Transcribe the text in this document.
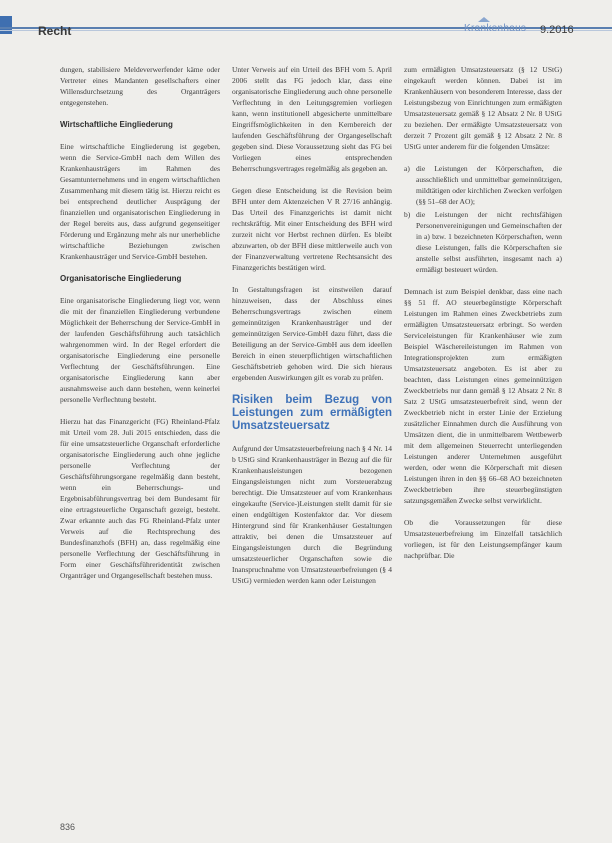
Recht	Krankenhaus 9.2016

dungen, stabilisiere Meldeverwerfender käme oder Vertreter eines Mandanten gesellschafters einer Willensdurchsetzung des Organträgers entgegenstehen.

Wirtschaftliche Eingliederung

Eine wirtschaftliche Eingliederung ist gegeben, wenn die Service-GmbH nach dem Willen des Krankenhausträgers im Rahmen des Gesamtunternehmens und in engem wirtschaftlichen Zusammenhang mit diesem tätig ist. Hierzu reicht es bei entsprechend deutlicher Ausprägung der finanziellen und organisatorischen Eingliederung in der Regel bereits aus, dass aufgrund gegenseitiger Förderung und Ergänzung mehr als nur unerhebliche wirtschaftliche Beziehungen zwischen Krankenhausträger und Service-GmbH bestehen.

Organisatorische Eingliederung

Eine organisatorische Eingliederung liegt vor, wenn die mit der finanziellen Eingliederung verbundene Möglichkeit der Beherrschung der Service-GmbH in der laufenden Geschäftsführung auch tatsächlich wahrgenommen wird. In der Regel erfordert die organisatorische Eingliederung eine personelle Verflechtung der Geschäftsführungen. Eine organisatorische Eingliederung kann aber ausnahmsweise auch dann bestehen, wenn keinerlei personelle Verflechtung besteht.

Hierzu hat das Finanzgericht (FG) Rheinland-Pfalz mit Urteil vom 28. Juli 2015 entschieden, dass die für eine umsatzsteuerliche Organschaft erforderliche organisatorische Eingliederung auch ohne jegliche personelle Verflechtung der Geschäftsführungsorgane regelmäßig dann besteht, wenn ein Beherrschungs- und Ergebnisabführungsvertrag bei dem Bundesamt für eine ertragsteuerliche Organschaft gezeigt, besteht. Zwar erkannte auch das FG Rheinland-Pfalz unter Verweis auf die Rechtsprechung des Bundesfinanzhofs (BFH) an, dass regelmäßig eine personelle Verflechtung der Geschäftsführung in Form einer Geschäftsführeridentität zwischen Organträger und Organgesellschaft bestehen muss.

Unter Verweis auf ein Urteil des BFH vom 5. April 2006 stellt das FG jedoch klar, dass eine organisatorische Eingliederung auch ohne personelle Verflechtung in den Leitungsgremien vorliegen kann, wenn institutionell abgesicherte unmittelbare Eingriffsmöglichkeiten in den Kernbereich der laufenden Geschäftsführung der Organgesellschaft gegeben sind. Diese Voraussetzung sieht das FG bei Vorliegen eines entsprechenden Beherrschungsvertrages regelmäßig als gegeben an.

Gegen diese Entscheidung ist die Revision beim BFH unter dem Aktenzeichen V R 27/16 anhängig. Das Urteil des Finanzgerichts ist damit nicht rechtskräftig. Mit einer Entscheidung des BFH wird zurzeit nicht vor Herbst rechnen dürfen. Es bleibt abzuwarten, ob der BFH diese mittlerweile auch von der Finanzverwaltung vertretene Rechtsansicht des Finanzgerichts bestätigen wird.

In Gestaltungsfragen ist einstweilen darauf hinzuweisen, dass der Abschluss eines Beherrschungsvertrags zwischen einem gemeinnützigen Krankenhausträger und der gemeinnützigen Service-GmbH dazu führt, dass die Beteiligung an der Service-GmbH aus dem ideellen Bereich in einen steuerpflichtigen wirtschaftlichen Geschäftsbetrieb gehoben wird. Die sich hieraus ergebenden Auswirkungen gilt es vorab zu prüfen.

Risiken beim Bezug von Leistungen zum ermäßigten Umsatzsteuersatz

Aufgrund der Umsatzsteuerbefreiung nach § 4 Nr. 14 b UStG sind Krankenhausträger in Bezug auf die für Krankenhausleistungen bezogenen Eingangsleistungen nicht zum Vorsteuerabzug berechtigt. Die Umsatzsteuer auf vom Krankenhaus eingekaufte (Service-)Leistungen stellt damit für sie einen endgültigen Kostenfaktor dar. Vor diesem Hintergrund sind für Krankenhäuser Gestaltungen attraktiv, bei denen die Umsatzsteuer auf Eingangsleistungen durch die Begründung umsatzsteuerlicher Organschaften sowie die Inanspruchnahme von Umsatzsteuerbefreiungen (§ 4 UStG) vermieden werden kann oder Leistungen

zum ermäßigten Umsatzsteuersatz (§ 12 UStG) eingekauft werden können. Dabei ist im Krankenhäusern von besonderem Interesse, dass der Leistungsbezug von Einrichtungen zum ermäßigten Umsatzsteuersatz gemäß § 12 Absatz 2 Nr. 8 UStG zu beziehen. Der ermäßigte Umsatzsteuersatz von derzeit 7 Prozent gilt gemäß § 12 Absatz 2 Nr. 8 UStG unter anderem für die folgenden Umsätze:

a) die Leistungen der Körperschaften, die ausschließlich und unmittelbar gemeinnützigen, mildtätigen oder kirchlichen Zwecken verfolgen (§§ 51–68 der AO);
b) die Leistungen der nicht rechtsfähigen Personenvereinigungen und Gemeinschaften der in a) bzw. 1 bezeichneten Körperschaften, wenn diese Leistungen, falls die Körperschaften sie anstelle selbst ausführten, insgesamt nach a) ermäßigt besteuert würden.

Demnach ist zum Beispiel denkbar, dass eine nach §§ 51 ff. AO steuerbegünstigte Körperschaft Leistungen im Rahmen eines Zweckbetriebs zum ermäßigten Umsatzsteuersatz erbringt. So werden Serviceleistungen für Krankenhäuser wie zum Beispiel Wäschereileistungen im Rahmen von Integrationsprojekten zum ermäßigten Umsatzsteuersatz angeboten. Es ist aber zu beachten, dass Leistungen eines gemeinnützigen Zweckbetriebs nur dann gemäß § 12 Absatz 2 Nr. 8 Satz 2 UStG umsatzsteuerbefreit sind, wenn der Zweckbetrieb nicht in erster Linie der Erzielung zusätzlicher Einnahmen durch die Ausführung von Umsätzen dient, die in unmittelbarem Wettbewerb mit dem allgemeinen Steuerrecht unterliegenden Leistungen anderer Unternehmen ausgeführt werden, oder wenn die Körperschaft mit diesen Leistungen ihren in den §§ 66–68 AO bezeichneten Zweckbetrieben ihre steuerbegünstigten satzungsgemäßen Zwecke selbst verwirklicht.

Ob die Voraussetzungen für diese Umsatzsteuerbefreiung im Einzelfall tatsächlich vorliegen, ist für den Leistungsempfänger kaum nachprüfbar. Die

836
